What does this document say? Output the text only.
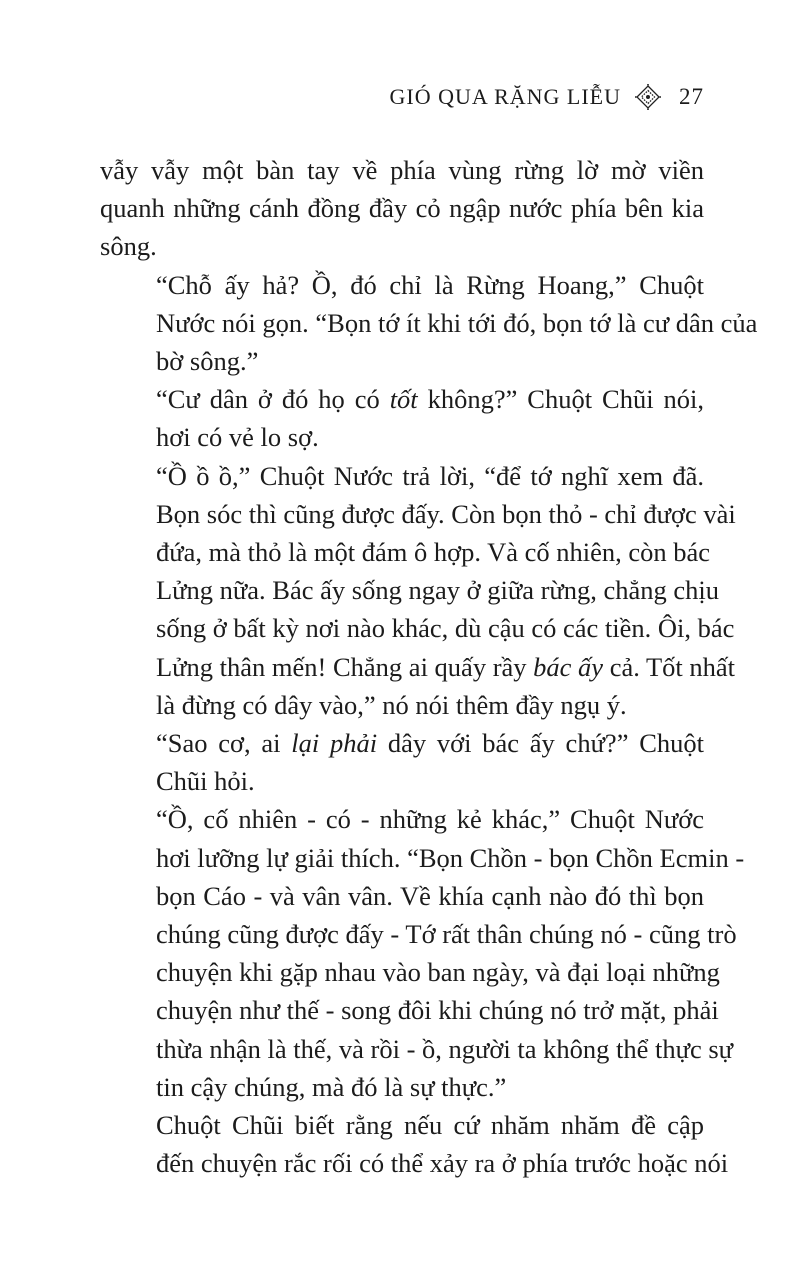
GIÓ QUA RẶNG LIỄU	27

vẫy vẫy một bàn tay về phía vùng rừng lờ mờ viền
quanh những cánh đồng đầy cỏ ngập nước phía bên kia
sông.

“Chỗ ấy hả? Ồ, đó chỉ là Rừng Hoang,” Chuột
Nước nói gọn. “Bọn tớ ít khi tới đó, bọn tớ là cư dân của
bờ sông.”

“Cư dân ở đó họ có tốt không?” Chuột Chũi nói,
hơi có vẻ lo sợ.

“Ồ ồ ồ,” Chuột Nước trả lời, “để tớ nghĩ xem đã.
Bọn sóc thì cũng được đấy. Còn bọn thỏ - chỉ được vài
đứa, mà thỏ là một đám ô hợp. Và cố nhiên, còn bác
Lửng nữa. Bác ấy sống ngay ở giữa rừng, chẳng chịu
sống ở bất kỳ nơi nào khác, dù cậu có các tiền. Ôi, bác
Lửng thân mến! Chẳng ai quấy rầy bác ấy cả. Tốt nhất
là đừng có dây vào,” nó nói thêm đầy ngụ ý.

“Sao cơ, ai lại phải dây với bác ấy chứ?” Chuột
Chũi hỏi.

“Ồ, cố nhiên - có - những kẻ khác,” Chuột Nước
hơi lưỡng lự giải thích. “Bọn Chồn - bọn Chồn Ecmin -
bọn Cáo - và vân vân. Về khía cạnh nào đó thì bọn
chúng cũng được đấy - Tớ rất thân chúng nó - cũng trò
chuyện khi gặp nhau vào ban ngày, và đại loại những
chuyện như thế - song đôi khi chúng nó trở mặt, phải
thừa nhận là thế, và rồi - ồ, người ta không thể thực sự
tin cậy chúng, mà đó là sự thực.”

Chuột Chũi biết rằng nếu cứ nhăm nhăm đề cập
đến chuyện rắc rối có thể xảy ra ở phía trước hoặc nói
